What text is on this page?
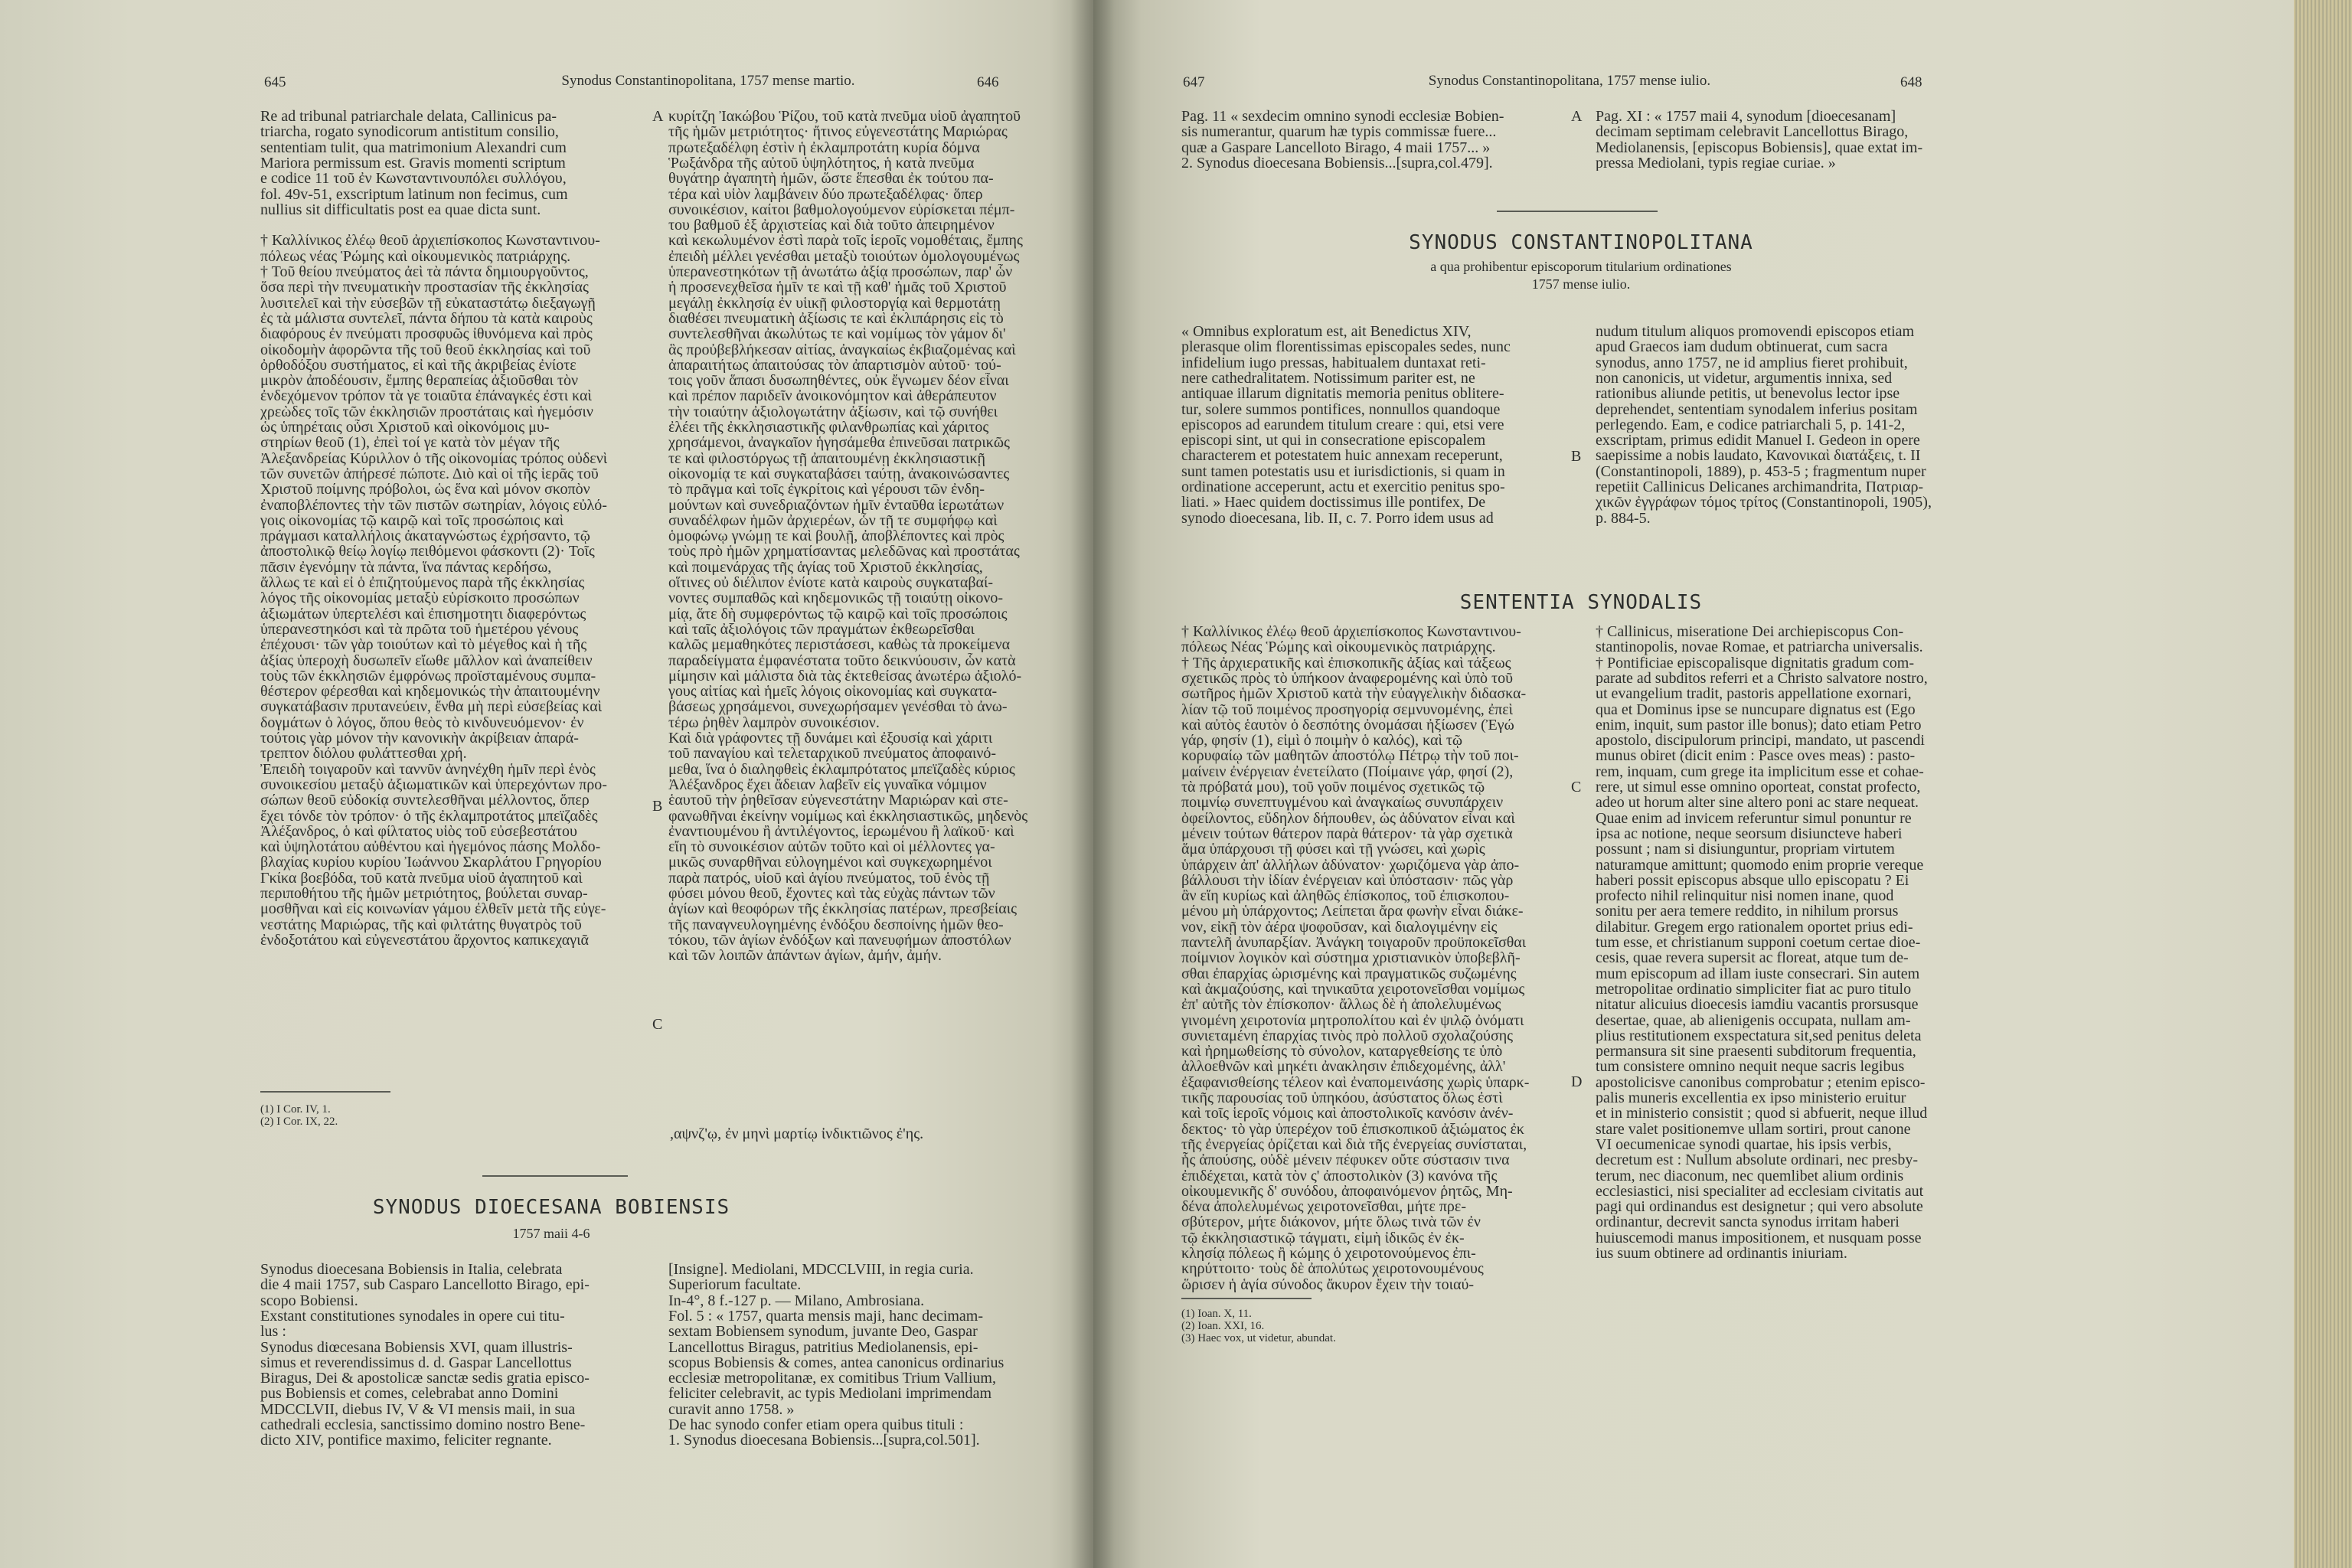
645	Synodus Constantinopolitana, 1757 mense martio.	646	647	Synodus Constantinopolitana, 1757 mense iulio.	648
Re ad tribunal patriarchale delata, Callinicus pa-
triarcha, rogato synodicorum antistitum consilio,
sententiam tulit, qua matrimonium Alexandri cum
Mariora permissum est. Gravis momenti scriptum
e codice 11 τοῦ ἐν Κωνσταντινουπόλει συλλόγου,
fol. 49v-51, exscriptum latinum non fecimus, cum
nullius sit difficultatis post ea quae dicta sunt.
† Καλλίνικος ἐλέῳ θεοῦ ἀρχιεπίσκοπος Κωνσταντινου-
πόλεως νέας Ῥώμης καὶ οἰκουμενικὸς πατριάρχης.
† Τοῦ θείου πνεύματος ἀεὶ τὰ πάντα δημιουργοῦντος,
ὅσα περὶ τὴν πνευματικὴν προστασίαν τῆς ἐκκλησίας
λυσιτελεῖ καὶ τὴν εὐσεβῶν τῇ εὐκαταστάτῳ διεξαγωγῇ
ἐς τὰ μάλιστα συντελεῖ, πάντα δήπου τὰ κατὰ καιροὺς
διαφόρους ἐν πνεύματι προσφυῶς ἰθυνόμενα καὶ πρὸς
οἰκοδομὴν ἀφορῶντα τῆς τοῦ θεοῦ ἐκκλησίας καὶ τοῦ
ὀρθοδόξου συστήματος, εἰ καὶ τῆς ἀκριβείας ἐνίοτε
μικρὸν ἀποδέουσιν, ἔμπης θεραπείας ἀξιοῦσθαι τὸν
ἐνδεχόμενον τρόπον τὰ γε τοιαῦτα ἐπάναγκές ἐστι καὶ
χρεὼδες τοῖς τῶν ἐκκλησιῶν προστάταις καὶ ἡγεμόσιν
ὡς ὑπηρέταις οὖσι Χριστοῦ καὶ οἰκονόμοις μυ-
στηρίων θεοῦ (1), ἐπεὶ τοί γε κατὰ τὸν μέγαν τῆς
Ἀλεξανδρείας Κύριλλον ὁ τῆς οἰκονομίας τρόπος οὐδενὶ
τῶν συνετῶν ἀπήρεσέ πώποτε. Διὸ καὶ οἱ τῆς ἱερᾶς τοῦ
Χριστοῦ ποίμνης πρόβολοι, ὡς ἕνα καὶ μόνον σκοπὸν
ἐναποβλέποντες τὴν τῶν πιστῶν σωτηρίαν, λόγοις εὐλό-
γοις οἰκονομίας τῷ καιρῷ καὶ τοῖς προσώποις καὶ
πράγμασι καταλλήλοις ἀκαταγνώστως ἐχρήσαντο, τῷ
ἀποστολικῷ θείῳ λογίῳ πειθόμενοι φάσκοντι (2)· Τοῖς
πᾶσιν ἐγενόμην τὰ πάντα, ἵνα πάντας κερδήσω,
ἄλλως τε καὶ εἰ ὁ ἐπιζητούμενος παρὰ τῆς ἐκκλησίας
λόγος τῆς οἰκονομίας μεταξὺ εὑρίσκοιτο προσώπων
ἀξιωμάτων ὑπερτελέσι καὶ ἐπισημοτητι διαφερόντως
ὑπερανεστηκόσι καὶ τὰ πρῶτα τοῦ ἡμετέρου γένους
ἐπέχουσι· τῶν γὰρ τοιούτων καὶ τὸ μέγεθος καὶ ἡ τῆς
ἀξίας ὑπεροχὴ δυσωπεῖν εἴωθε μᾶλλον καὶ ἀναπείθειν
τοὺς τῶν ἐκκλησιῶν ἐμφρόνως προϊσταμένους συμπα-
θέστερον φέρεσθαι καὶ κηδεμονικώς τὴν ἀπαιτουμένην
συγκατάβασιν πρυτανεύειν, ἔνθα μὴ περὶ εὐσεβείας καὶ
δογμάτων ὁ λόγος, ὅπου θεὸς τὸ κινδυνευόμενον· ἐν
τούτοις γὰρ μόνον τὴν κανονικὴν ἀκρίβειαν ἀπαρά-
τρεπτον διόλου φυλάττεσθαι χρή.
Ἐπειδὴ τοιγαροῦν καὶ ταννῦν ἀνηνέχθη ἡμῖν περὶ ἑνὸς
συνοικεσίου μεταξὺ ἀξιωματικῶν καὶ ὑπερεχόντων προ-
σώπων θεοῦ εὐδοκίᾳ συντελεσθῆναι μέλλοντος, ὅπερ
ἔχει τόνδε τὸν τρόπον· ὁ τῆς ἐκλαμπροτάτος μπεϊζαδὲς
Ἀλέξανδρος, ὁ καὶ φίλτατος υἱὸς τοῦ εὐσεβεστάτου
καὶ ὑψηλοτάτου αὐθέντου καὶ ἡγεμόνος πάσης Μολδο-
βλαχίας κυρίου κυρίου Ἰωάννου Σκαρλάτου Γρηγορίου
Γκίκα βοεβόδα, τοῦ κατὰ πνεῦμα υἱοῦ ἀγαπητοῦ καὶ
περιποθήτου τῆς ἡμῶν μετριότητος, βούλεται συναρ-
μοσθῆναι καὶ εἰς κοινωνίαν γάμου ἐλθεῖν μετὰ τῆς εὐγε-
νεστάτης Μαριώρας, τῆς καὶ φιλτάτης θυγατρὸς τοῦ
ἐνδοξοτάτου καὶ εὐγενεστάτου ἄρχοντος καπικεχαγιᾶ
(1) I Cor. IV, 1.
(2) I Cor. IX, 22.
κυρίτζη Ἰακώβου Ῥίζου, τοῦ κατὰ πνεῦμα υἱοῦ ἀγαπητοῦ
τῆς ἡμῶν μετριότητος· ἤτινος εὐγενεστάτης Μαριώρας
πρωτεξαδέλφη ἐστὶν ἡ ἐκλαμπροτάτη κυρία δόμνα
Ῥωξάνδρα τῆς αὐτοῦ ὑψηλότητος, ἡ κατὰ πνεῦμα
θυγάτηρ ἀγαπητὴ ἡμῶν, ὥστε ἕπεσθαι ἐκ τούτου πα-
τέρα καὶ υἱὸν λαμβάνειν δύο πρωτεξαδέλφας· ὅπερ
συνοικέσιον, καίτοι βαθμολογούμενον εὑρίσκεται πέμπ-
του βαθμοῦ ἐξ ἀρχιστείας καὶ διὰ τοῦτο ἀπειρημένον
καὶ κεκωλυμένον ἐστὶ παρὰ τοῖς ἱεροῖς νομοθέταις, ἔμπης
ἐπειδὴ μέλλει γενέσθαι μεταξὺ τοιούτων ὁμολογουμένως
ὑπερανεστηκότων τῇ ἀνωτάτω ἀξίᾳ προσώπων, παρ' ὧν
ἡ προσενεχθεῖσα ἡμῖν τε καὶ τῇ καθ' ἡμᾶς τοῦ Χριστοῦ
μεγάλῃ ἐκκλησίᾳ ἐν υἱικῇ φιλοστοργίᾳ καὶ θερμοτάτῃ
διαθέσει πνευματικὴ ἀξίωσις τε καὶ ἐκλιπάρησις εἰς τὸ
συντελεσθῆναι ἀκωλύτως τε καὶ νομίμως τὸν γάμον δι'
ἃς προὐβεβλήκεσαν αἰτίας, ἀναγκαίως ἐκβιαζομένας καὶ
ἀπαραιτήτως ἀπαιτούσας τὸν ἀπαρτισμὸν αὐτοῦ· τού-
τοις γοῦν ἅπασι δυσωπηθέντες, οὐκ ἔγνωμεν δέον εἶναι
καὶ πρέπον παριδεῖν ἀνοικονόμητον καὶ ἀθεράπευτον
τὴν τοιαύτην ἀξιολογωτάτην ἀξίωσιν, καὶ τῷ συνήθει
ἐλέει τῆς ἐκκλησιαστικῆς φιλανθρωπίας καὶ χάριτος
χρησάμενοι, ἀναγκαῖον ἡγησάμεθα ἐπινεῦσαι πατρικῶς
τε καὶ φιλοστόργως τῇ ἀπαιτουμένῃ ἐκκλησιαστικῇ
οἰκονομίᾳ τε καὶ συγκαταβάσει ταύτῃ, ἀνακοινώσαντες
τὸ πρᾶγμα καὶ τοῖς ἐγκρίτοις καὶ γέρουσι τῶν ἐνδη-
μούντων καὶ συνεδριαζόντων ἡμῖν ἐνταῦθα ἱερωτάτων
συναδέλφων ἡμῶν ἀρχιερέων, ὧν τῇ τε συμφήφῳ καὶ
ὁμοφώνῳ γνώμῃ τε καὶ βουλῇ, ἀποβλέποντες καὶ πρὸς
τοὺς πρὸ ἡμῶν χρηματίσαντας μελεδῶνας καὶ προστάτας
καὶ ποιμενάρχας τῆς ἁγίας τοῦ Χριστοῦ ἐκκλησίας,
οἵτινες οὐ διέλιπον ἐνίοτε κατὰ καιροὺς συγκαταβαί-
νοντες συμπαθῶς καὶ κηδεμονικῶς τῇ τοιαύτῃ οἰκονο-
μίᾳ, ἅτε δὴ συμφερόντως τῷ καιρῷ καὶ τοῖς προσώποις
καὶ ταῖς ἀξιολόγοις τῶν πραγμάτων ἐκθεωρεῖσθαι
καλῶς μεμαθηκότες περιστάσεσι, καθὼς τὰ προκείμενα
παραδείγματα ἐμφανέστατα τοῦτο δεικνύουσιν, ὧν κατὰ
μίμησιν καὶ μάλιστα διὰ τὰς ἐκτεθείσας ἀνωτέρω ἀξιολό-
γους αἰτίας καὶ ἡμεῖς λόγοις οἰκονομίας καὶ συγκατα-
βάσεως χρησάμενοι, συνεχωρήσαμεν γενέσθαι τὸ ἀνω-
τέρω ῥηθὲν λαμπρὸν συνοικέσιον.
Καὶ διὰ γράφοντες τῇ δυνάμει καὶ ἐξουσίᾳ καὶ χάριτι
τοῦ παναγίου καὶ τελεταρχικοῦ πνεύματος ἀποφαινό-
μεθα, ἵνα ὁ διαληφθεὶς ἐκλαμπρότατος μπεϊζαδὲς κύριος
Ἀλέξανδρος ἔχει ἄδειαν λαβεῖν εἰς γυναῖκα νόμιμον
ἑαυτοῦ τὴν ῥηθεῖσαν εὐγενεστάτην Μαριώραν καὶ στε-
φανωθῆναι ἐκείνην νομίμως καὶ ἐκκλησιαστικῶς, μηδενὸς
ἐναντιουμένου ἢ ἀντιλέγοντος, ἱερωμένου ἢ λαϊκοῦ· καὶ
εἴη τὸ συνοικέσιον αὐτῶν τοῦτο καὶ οἱ μέλλοντες γα-
μικῶς συναρθῆναι εὐλογημένοι καὶ συγκεχωρημένοι
παρὰ πατρός, υἱοῦ καὶ ἁγίου πνεύματος, τοῦ ἑνὸς τῇ
φύσει μόνου θεοῦ, ἔχοντες καὶ τὰς εὐχὰς πάντων τῶν
ἁγίων καὶ θεοφόρων τῆς ἐκκλησίας πατέρων, πρεσβείαις
τῆς παναγνευλογημένης ἐνδόξου δεσποίνης ἡμῶν θεο-
τόκου, τῶν ἁγίων ἐνδόξων καὶ πανευφήμων ἀποστόλων
καὶ τῶν λοιπῶν ἁπάντων ἁγίων, ἀμήν, ἀμήν.
A
B
C
Synodus dioecesana Bobiensis in Italia, celebrata
die 4 maii 1757, sub Casparo Lancellotto Birago, epi-
scopo Bobiensi.
Exstant constitutiones synodales in opere cui titu-
lus :
Synodus diœcesana Bobiensis XVI, quam illustris-
simus et reverendissimus d. d. Gaspar Lancellottus
Biragus, Dei & apostolicæ sanctæ sedis gratia episco-
pus Bobiensis et comes, celebrabat anno Domini
MDCCLVII, diebus IV, V & VI mensis maii, in sua
cathedrali ecclesia, sanctissimo domino nostro Bene-
dicto XIV, pontifice maximo, feliciter regnante.
[Insigne]. Mediolani, MDCCLVIII, in regia curia.
Superiorum facultate.
In-4°, 8 f.-127 p. — Milano, Ambrosiana.
Fol. 5 : « 1757, quarta mensis maji, hanc decimam-
sextam Bobiensem synodum, juvante Deo, Gaspar
Lancellottus Biragus, patritius Mediolanensis, epi-
scopus Bobiensis & comes, antea canonicus ordinarius
ecclesiæ metropolitanæ, ex comitibus Trium Vallium,
feliciter celebravit, ac typis Mediolani imprimendam
curavit anno 1758. »
De hac synodo confer etiam opera quibus tituli :
1. Synodus dioecesana Bobiensis...[supra,col.501].
Pag. 11 « sexdecim omnino synodi ecclesiæ Bobien-
sis numerantur, quarum hæ typis commissæ fuere...
quæ a Gaspare Lancelloto Birago, 4 maii 1757... »
2. Synodus dioecesana Bobiensis...[supra,col.479].
Pag. XI : « 1757 maii 4, synodum [dioecesanam]
decimam septimam celebravit Lancellottus Birago,
Mediolanensis, [episcopus Bobiensis], quae extat im-
pressa Mediolani, typis regiae curiae. »
A
« Omnibus exploratum est, ait Benedictus XIV,
plerasque olim florentissimas episcopales sedes, nunc
infidelium iugo pressas, habitualem duntaxat reti-
nere cathedralitatem. Notissimum pariter est, ne
antiquae illarum dignitatis memoria penitus oblitere-
tur, solere summos pontifices, nonnullos quandoque
episcopos ad earundem titulum creare : qui, etsi vere
episcopi sint, ut qui in consecratione episcopalem
characterem et potestatem huic annexam receperunt,
sunt tamen potestatis usu et iurisdictionis, si quam in
ordinatione acceperunt, actu et exercitio penitus spo-
liati. » Haec quidem doctissimus ille pontifex, De
synodo dioecesana, lib. II, c. 7. Porro idem usus ad
nudum titulum aliquos promovendi episcopos etiam
apud Graecos iam dudum obtinuerat, cum sacra
synodus, anno 1757, ne id amplius fieret prohibuit,
non canonicis, ut videtur, argumentis innixa, sed
rationibus aliunde petitis, ut benevolus lector ipse
deprehendet, sententiam synodalem inferius positam
perlegendo. Eam, e codice patriarchali 5, p. 141-2,
exscriptam, primus edidit Manuel I. Gedeon in opere
saepissime a nobis laudato, Κανονικαὶ διατάξεις, t. II
(Constantinopoli, 1889), p. 453-5 ; fragmentum nuper
repetiit Callinicus Delicanes archimandrita, Πατριαρ-
χικῶν ἐγγράφων τόμος τρίτος (Constantinopoli, 1905),
p. 884-5.
B
† Καλλίνικος ἐλέῳ θεοῦ ἀρχιεπίσκοπος Κωνσταντινου-
πόλεως Νέας Ῥώμης καὶ οἰκουμενικὸς πατριάρχης.
† Τῆς ἀρχιερατικῆς καὶ ἐπισκοπικῆς ἀξίας καὶ τάξεως
σχετικῶς πρὸς τὸ ὑπήκοον ἀναφερομένης καὶ ὑπὸ τοῦ
σωτῆρος ἡμῶν Χριστοῦ κατὰ τὴν εὐαγγελικὴν διδασκα-
λίαν τῷ τοῦ ποιμένος προσηγορίᾳ σεμνυνομένης, ἐπεὶ
καὶ αὐτὸς ἑαυτὸν ὁ δεσπότης ὀνομάσαι ἠξίωσεν (Ἐγώ
γάρ, φησίν (1), εἰμὶ ὁ ποιμὴν ὁ καλός), καὶ τῷ
κορυφαίῳ τῶν μαθητῶν ἀποστόλῳ Πέτρῳ τὴν τοῦ ποι-
μαίνειν ἐνέργειαν ἐνετείλατο (Ποίμαινε γάρ, φησί (2),
τὰ πρόβατά μου), τοῦ γοῦν ποιμένος σχετικῶς τῷ
ποιμνίῳ συνεπτυγμένου καὶ ἀναγκαίως συνυπάρχειν
ὀφείλοντος, εὔδηλον δήπουθεν, ὡς ἀδύνατον εἶναι καὶ
μένειν τούτων θάτερον παρὰ θάτερον· τὰ γὰρ σχετικὰ
ἅμα ὑπάρχουσι τῇ φύσει καὶ τῇ γνώσει, καὶ χωρὶς
ὑπάρχειν ἀπ' ἀλλήλων ἀδύνατον· χωριζόμενα γὰρ ἀπο-
βάλλουσι τὴν ἰδίαν ἐνέργειαν καὶ ὑπόστασιν· πῶς γὰρ
ἂν εἴη κυρίως καὶ ἀληθῶς ἐπίσκοπος, τοῦ ἐπισκοπου-
μένου μὴ ὑπάρχοντος; Λείπεται ἄρα φωνὴν εἶναι διάκε-
νον, εἰκῇ τὸν ἀέρα ψοφοῦσαν, καὶ διαλογιμένην εἰς
παντελῆ ἀνυπαρξίαν. Ἀνάγκη τοιγαροῦν προϋποκεῖσθαι
ποίμνιον λογικὸν καὶ σύστημα χριστιανικὸν ὑποβεβλῆ-
σθαι ἐπαρχίας ὡρισμένης καὶ πραγματικῶς συζωμένης
καὶ ἀκμαζούσης, καὶ τηνικαῦτα χειροτονεῖσθαι νομίμως
ἐπ' αὐτῆς τὸν ἐπίσκοπον· ἄλλως δὲ ἡ ἀπολελυμένως
γινομένη χειροτονία μητροπολίτου καὶ ἐν ψιλῷ ὀνόματι
συνιεταμένη ἐπαρχίας τινὸς πρὸ πολλοῦ σχολαζούσης
καὶ ἠρημωθείσης τὸ σύνολον, καταργεθείσης τε ὑπὸ
ἀλλοεθνῶν καὶ μηκέτι ἀνακλησιν ἐπιδεχομένης, ἀλλ'
ἐξαφανισθείσης τέλεον καὶ ἐναπομεινάσης χωρὶς ὑπαρκ-
τικῆς παρουσίας τοῦ ὑπηκόου, ἀσύστατος ὅλως ἐστὶ
καὶ τοῖς ἱεροῖς νόμοις καὶ ἀποστολικοῖς κανόσιν ἀνέν-
δεκτος· τὸ γὰρ ὑπερέχον τοῦ ἐπισκοπικοῦ ἀξιώματος ἐκ
τῆς ἐνεργείας ὁρίζεται καὶ διὰ τῆς ἐνεργείας συνίσταται,
ἧς ἀπούσης, οὐδὲ μένειν πέφυκεν οὔτε σύστασιν τινα
ἐπιδέχεται, κατὰ τὸν ς' ἀποστολικὸν (3) κανόνα τῆς
οἰκουμενικῆς δ' συνόδου, ἀποφαινόμενον ῥητῶς, Μη-
δένα ἀπολελυμένως χειροτονεῖσθαι, μήτε πρε-
σβύτερον, μήτε διάκονον, μήτε ὅλως τινὰ τῶν ἐν
τῷ ἐκκλησιαστικῷ τάγματι, εἰμὴ ἰδικῶς ἐν ἐκ-
κλησίᾳ πόλεως ἢ κώμης ὁ χειροτονούμενος ἐπι-
κηρύττοιτο· τοὺς δὲ ἀπολύτως χειροτονουμένους
ὥρισεν ἡ ἁγία σύνοδος ἄκυρον ἔχειν τὴν τοιαύ-
† Callinicus, miseratione Dei archiepiscopus Con-
stantinopolis, novae Romae, et patriarcha universalis.
† Pontificiae episcopalisque dignitatis gradum com-
parate ad subditos referri et a Christo salvatore nostro,
ut evangelium tradit, pastoris appellatione exornari,
qua et Dominus ipse se nuncupare dignatus est (Ego
enim, inquit, sum pastor ille bonus); dato etiam Petro
apostolo, discipulorum principi, mandato, ut pascendi
munus obiret (dicit enim : Pasce oves meas) : pasto-
rem, inquam, cum grege ita implicitum esse et cohae-
rere, ut simul esse omnino oporteat, constat profecto,
adeo ut horum alter sine altero poni ac stare nequeat.
Quae enim ad invicem referuntur simul ponuntur re
ipsa ac notione, neque seorsum disiuncteve haberi
possunt ; nam si disiunguntur, propriam virtutem
naturamque amittunt; quomodo enim proprie vereque
haberi possit episcopus absque ullo episcopatu ? Ei
profecto nihil relinquitur nisi nomen inane, quod
sonitu per aera temere reddito, in nihilum prorsus
dilabitur. Gregem ergo rationalem oportet prius edi-
tum esse, et christianum supponi coetum certae dioe-
cesis, quae revera supersit ac floreat, atque tum de-
mum episcopum ad illam iuste consecrari. Sin autem
metropolitae ordinatio simpliciter fiat ac puro titulo
nitatur alicuius dioecesis iamdiu vacantis prorsusque
desertae, quae, ab alienigenis occupata, nullam am-
plius restitutionem exspectatura sit,sed penitus deleta
permansura sit sine praesenti subditorum frequentia,
tum consistere omnino nequit neque sacris legibus
apostolicisve canonibus comprobatur ; etenim episco-
palis muneris excellentia ex ipso ministerio eruitur
et in ministerio consistit ; quod si abfuerit, neque illud
stare valet positionemve ullam sortiri, prout canone
VI oecumenicae synodi quartae, his ipsis verbis,
decretum est : Nullum absolute ordinari, nec presby-
terum, nec diaconum, nec quemlibet alium ordinis
ecclesiastici, nisi specialiter ad ecclesiam civitatis aut
pagi qui ordinandus est designetur ; qui vero absolute
ordinantur, decrevit sancta synodus irritam haberi
huiuscemodi manus impositionem, et nusquam posse
ius suum obtinere ad ordinantis iniuriam.
C
D
(1) Ioan. X, 11.
(2) Ioan. XXI, 16.
(3) Haec vox, ut videtur, abundat.
SYNODUS DIOECESANA BOBIENSIS
1757 maii 4-6
SYNODUS CONSTANTINOPOLITANA
a qua prohibentur episcoporum titularium ordinationes
1757 mense iulio.
SENTENTIA SYNODALIS
,αψνζ'ῳ, ἐν μηνὶ μαρτίῳ ἰνδικτιῶνος ἐ'ης.
